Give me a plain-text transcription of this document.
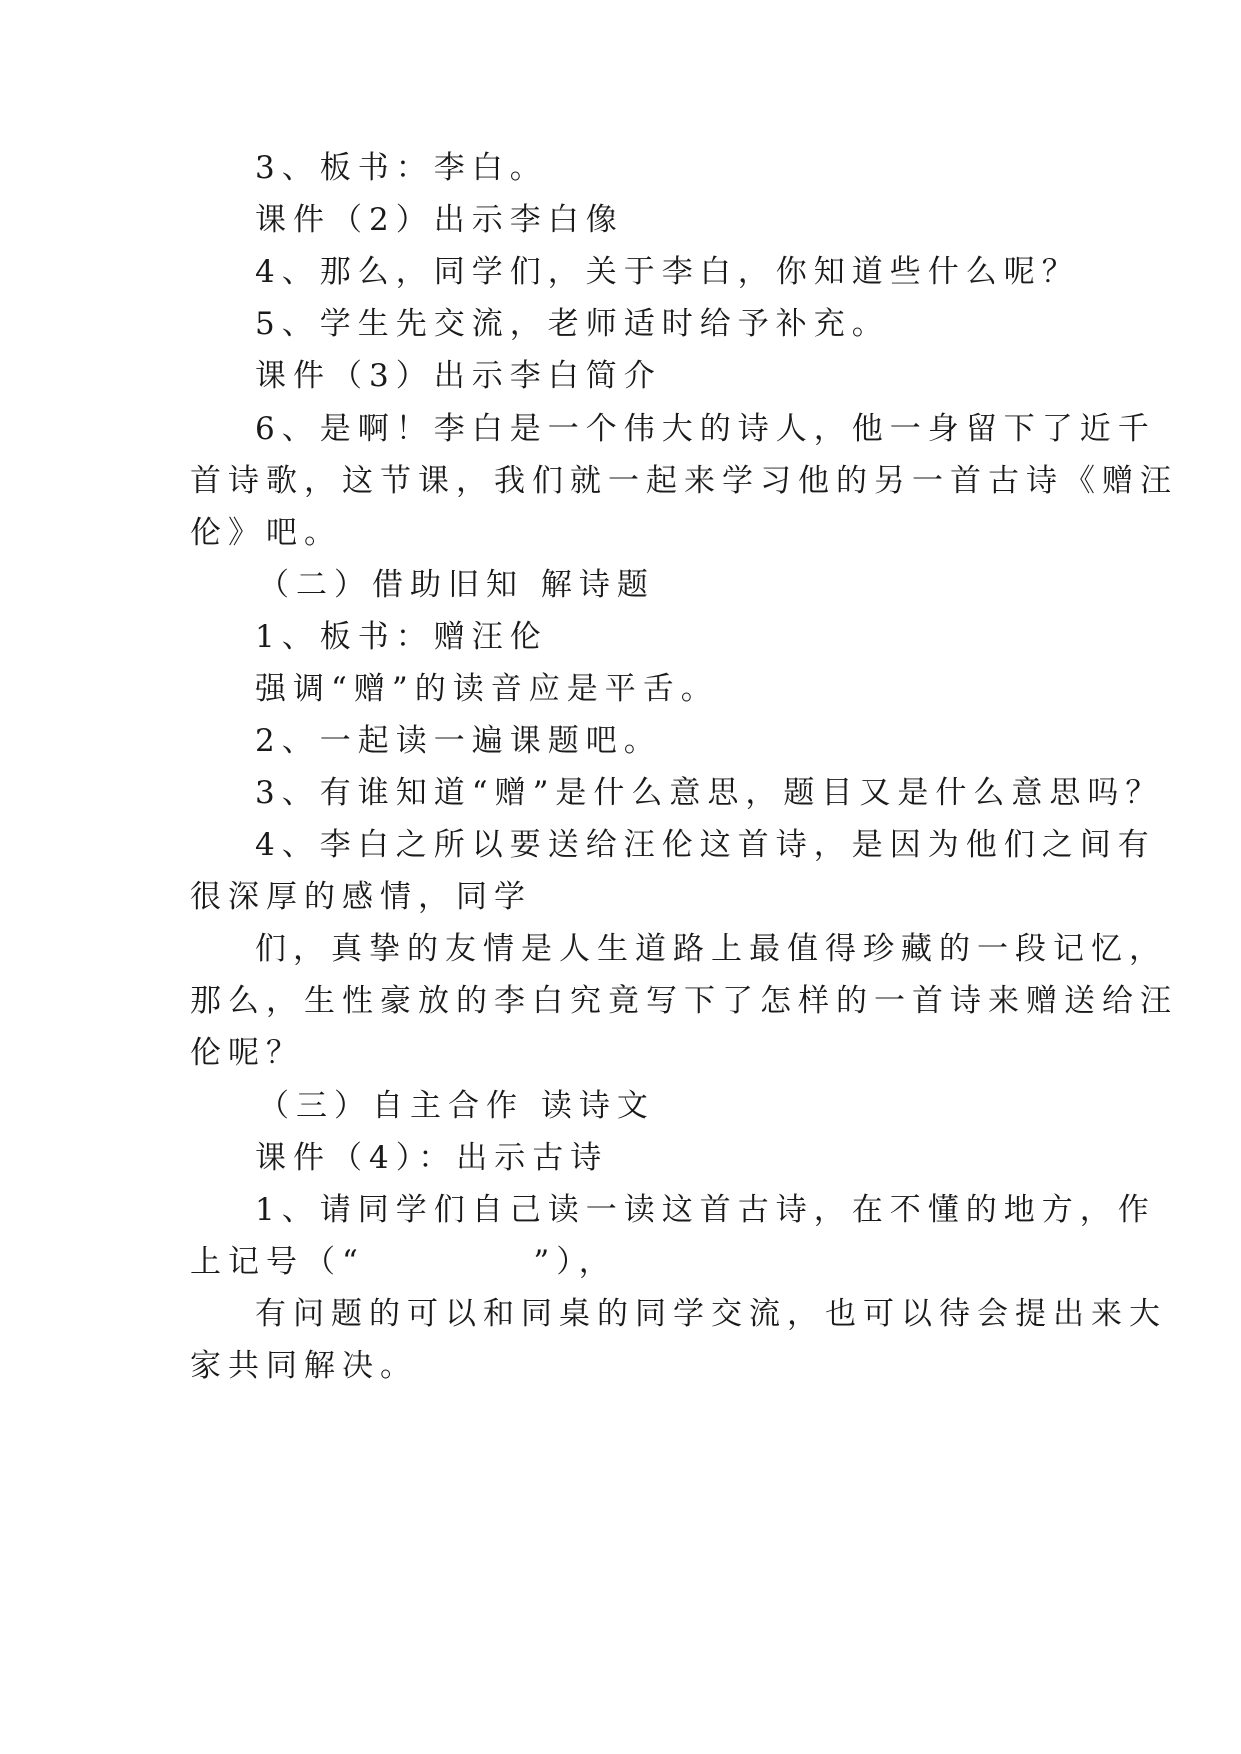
3、板书：李白。
课件（2）出示李白像
4、那么，同学们，关于李白，你知道些什么呢？
5、学生先交流，老师适时给予补充。
课件（3）出示李白简介
6、是啊！李白是一个伟大的诗人，他一身留下了近千
首诗歌，这节课，我们就一起来学习他的另一首古诗《赠汪
伦》吧。
（二）借助旧知 解诗题
1、板书：赠汪伦
强调“赠”的读音应是平舌。
2、一起读一遍课题吧。
3、有谁知道“赠”是什么意思，题目又是什么意思吗？
4、李白之所以要送给汪伦这首诗，是因为他们之间有
很深厚的感情，同学
们，真挚的友情是人生道路上最值得珍藏的一段记忆，
那么，生性豪放的李白究竟写下了怎样的一首诗来赠送给汪
伦呢？
（三）自主合作 读诗文
课件（4）：出示古诗
1、请同学们自己读一读这首古诗，在不懂的地方，作
上记号（“          ”），
有问题的可以和同桌的同学交流，也可以待会提出来大
家共同解决。
